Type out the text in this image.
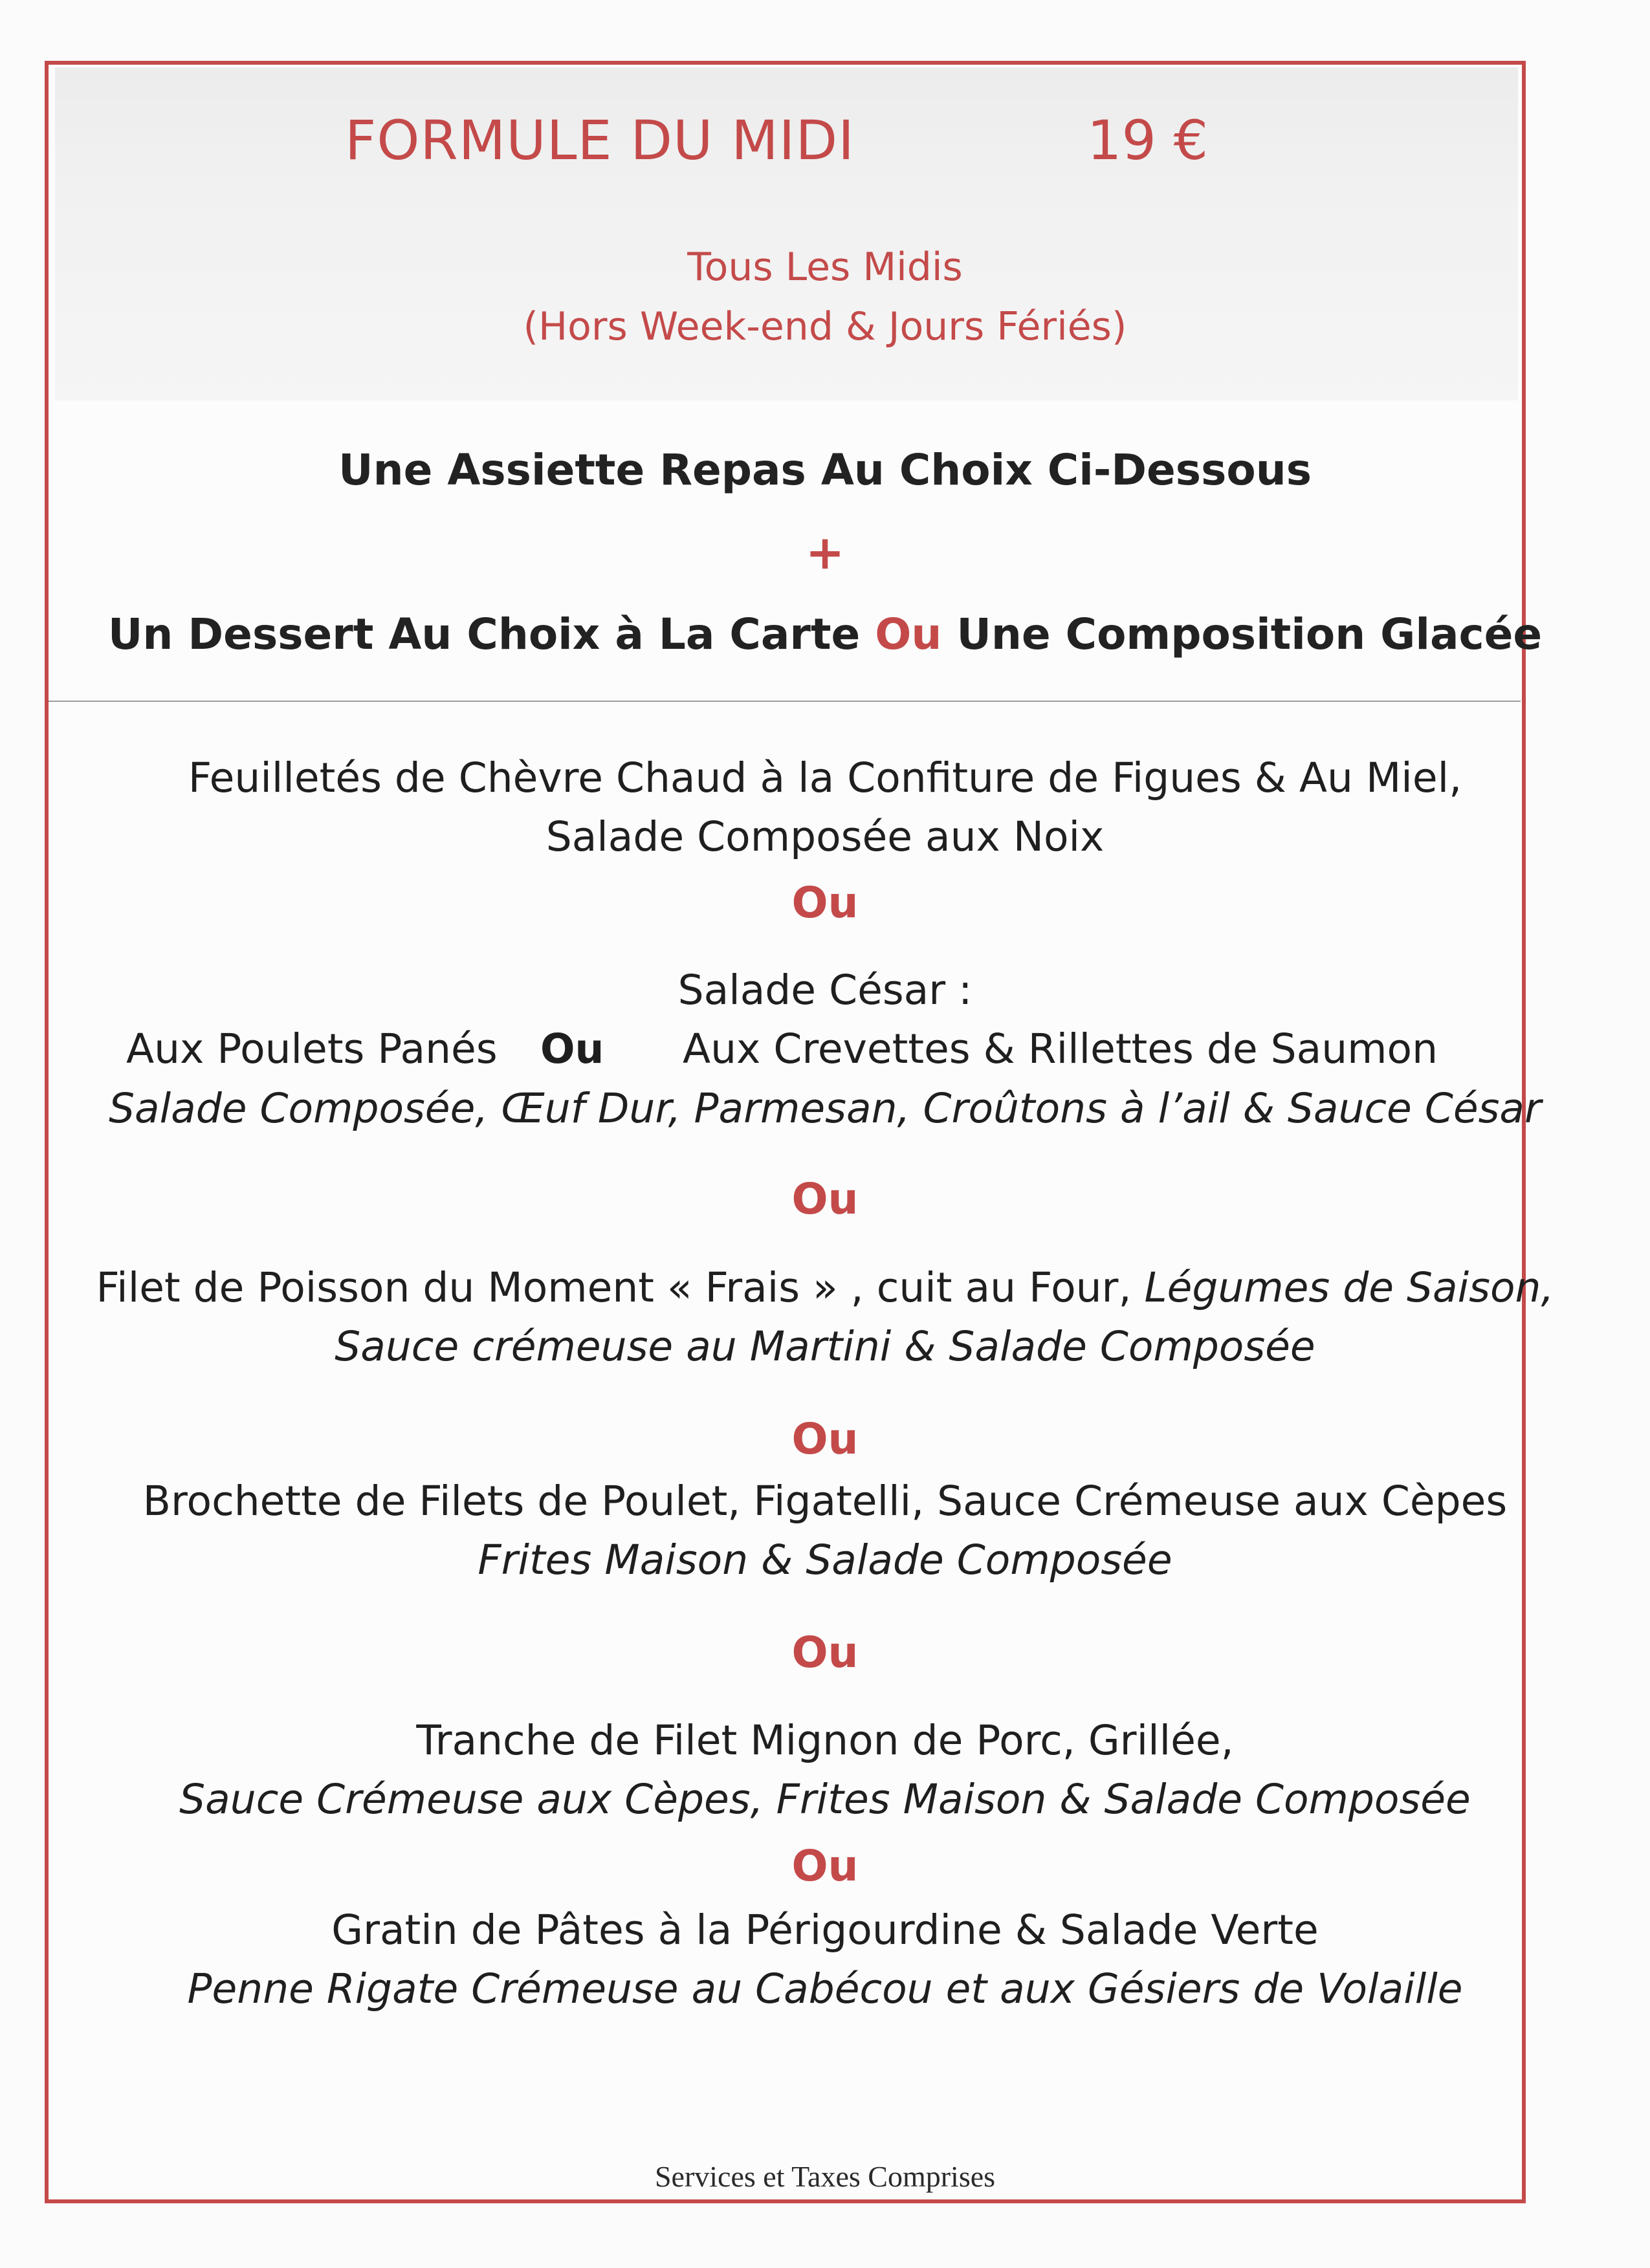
FORMULE DU MIDI	19 €
Tous Les Midis
(Hors Week-end & Jours Fériés)
Une Assiette Repas Au Choix Ci-Dessous
+
Un Dessert Au Choix à La Carte Ou Une Composition Glacée
Feuilletés de Chèvre Chaud à la Confiture de Figues & Au Miel,
Salade Composée aux Noix
Ou
Salade César :
Aux Poulets Panés Ou Aux Crevettes & Rillettes de Saumon
Salade Composée, Œuf Dur, Parmesan, Croûtons à l’ail & Sauce César
Ou
Filet de Poisson du Moment « Frais » , cuit au Four, Légumes de Saison,
Sauce crémeuse au Martini & Salade Composée
Ou
Brochette de Filets de Poulet, Figatelli, Sauce Crémeuse aux Cèpes
Frites Maison & Salade Composée
Ou
Tranche de Filet Mignon de Porc, Grillée,
Sauce Crémeuse aux Cèpes, Frites Maison & Salade Composée
Ou
Gratin de Pâtes à la Périgourdine & Salade Verte
Penne Rigate Crémeuse au Cabécou et aux Gésiers de Volaille
Services et Taxes Comprises
